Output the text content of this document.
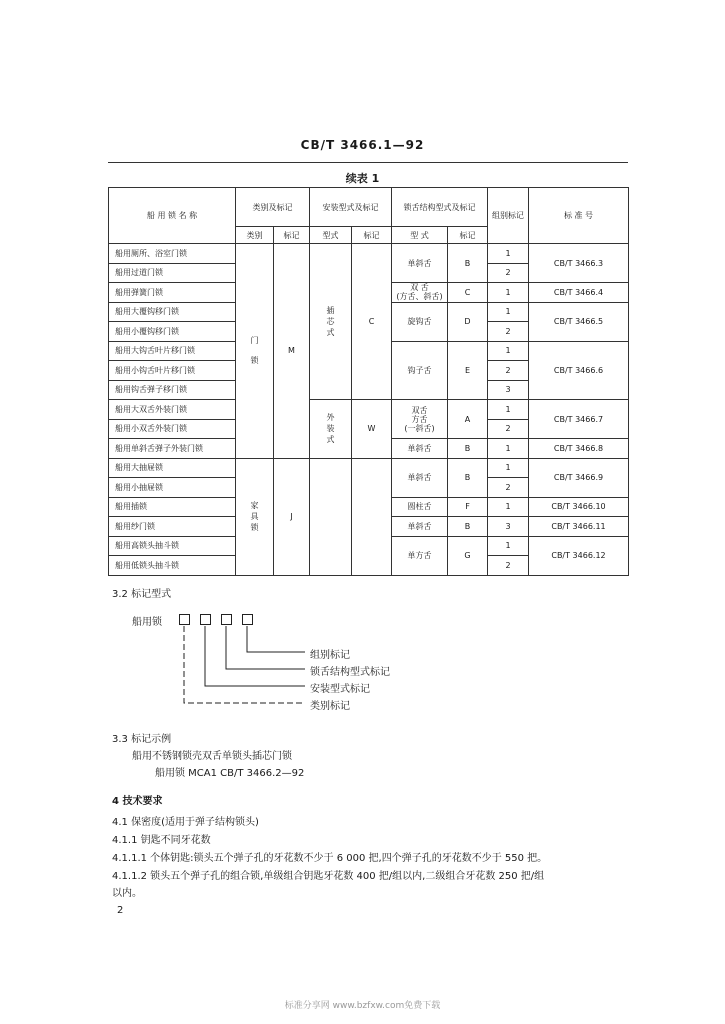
CB/T 3466.1—92
续表 1
船 用 锁 名 称	类别及标记		安装型式及标记		锁舌结构型式及标记		组别标记	标 准 号
	类别	标记	型式	标记	型 式	标记		
船用厕所、浴室门锁	门锁	M	插芯式	C	单斜舌	B	1	CB/T 3466.3
船用过道门锁							2	
船用弹簧门锁					双 舌
(方舌、斜舌)	C	1	CB/T 3466.4
船用大覆钩移门锁					旋钩舌	D	1	CB/T 3466.5
船用小覆钩移门锁							2	
船用大钩舌叶片移门锁					钩子舌	E	1	CB/T 3466.6
船用小钩舌叶片移门锁							2	
船用钩舌弹子移门锁							3	
船用大双舌外装门锁			外装式	W	双舌
方舌
(一斜舌)	A	1	CB/T 3466.7
船用小双舌外装门锁							2	
船用单斜舌弹子外装门锁					单斜舌	B	1	CB/T 3466.8
船用大抽屉锁	家具锁	J			单斜舌	B	1	CB/T 3466.9
船用小抽屉锁							2	
船用插锁					圆柱舌	F	1	CB/T 3466.10
船用纱门锁					单斜舌	B	3	CB/T 3466.11
船用高锁头抽斗锁					单方舌	G	1	CB/T 3466.12
船用低锁头抽斗锁							2	
3.2 标记型式
船用锁
组别标记
锁舌结构型式标记
安装型式标记
类别标记
3.3 标记示例
船用不锈钢锁壳双舌单锁头插芯门锁
船用锁 MCA1 CB/T 3466.2—92
4 技术要求
4.1 保密度(适用于弹子结构锁头)
4.1.1 钥匙不同牙花数
4.1.1.1 个体钥匙:锁头五个弹子孔的牙花数不少于 6 000 把,四个弹子孔的牙花数不少于 550 把。
4.1.1.2 锁头五个弹子孔的组合锁,单级组合钥匙牙花数 400 把/组以内,二级组合牙花数 250 把/组
以内。
2
标准分享网 www.bzfxw.com免费下载
